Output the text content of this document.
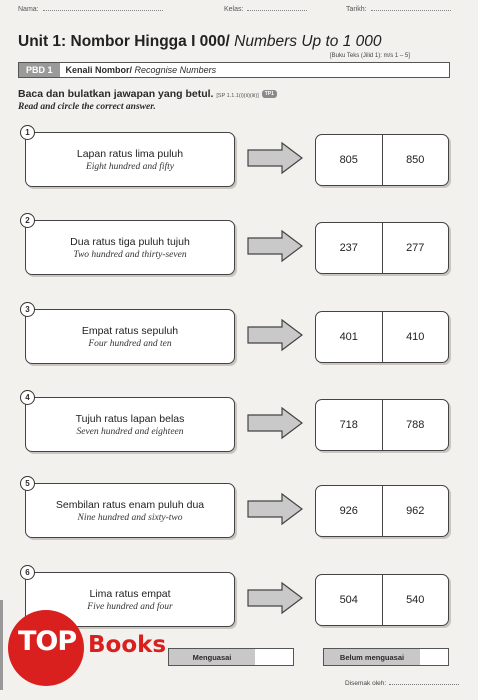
Nama:	Kelas:	Tarikh:
Unit 1: Nombor Hingga I 000/ Numbers Up to 1 000
[Buku Teks (Jilid 1): m/s 1 – 5]
PBD 1	Kenali Nombor/ Recognise Numbers
Baca dan bulatkan jawapan yang betul. [SP 1.1.1(i)(ii)(iii)] TP1
Read and circle the correct answer.
Lapan ratus lima puluh
Eight hundred and fifty
1
805	850
Dua ratus tiga puluh tujuh
Two hundred and thirty-seven
2
237	277
Empat ratus sepuluh
Four hundred and ten
3
401	410
Tujuh ratus lapan belas
Seven hundred and eighteen
4
718	788
Sembilan ratus enam puluh dua
Nine hundred and sixty-two
5
926	962
Lima ratus empat
Five hundred and four
6
504	540
Menguasai	Belum menguasai
Disemak oleh:
TOP Books
